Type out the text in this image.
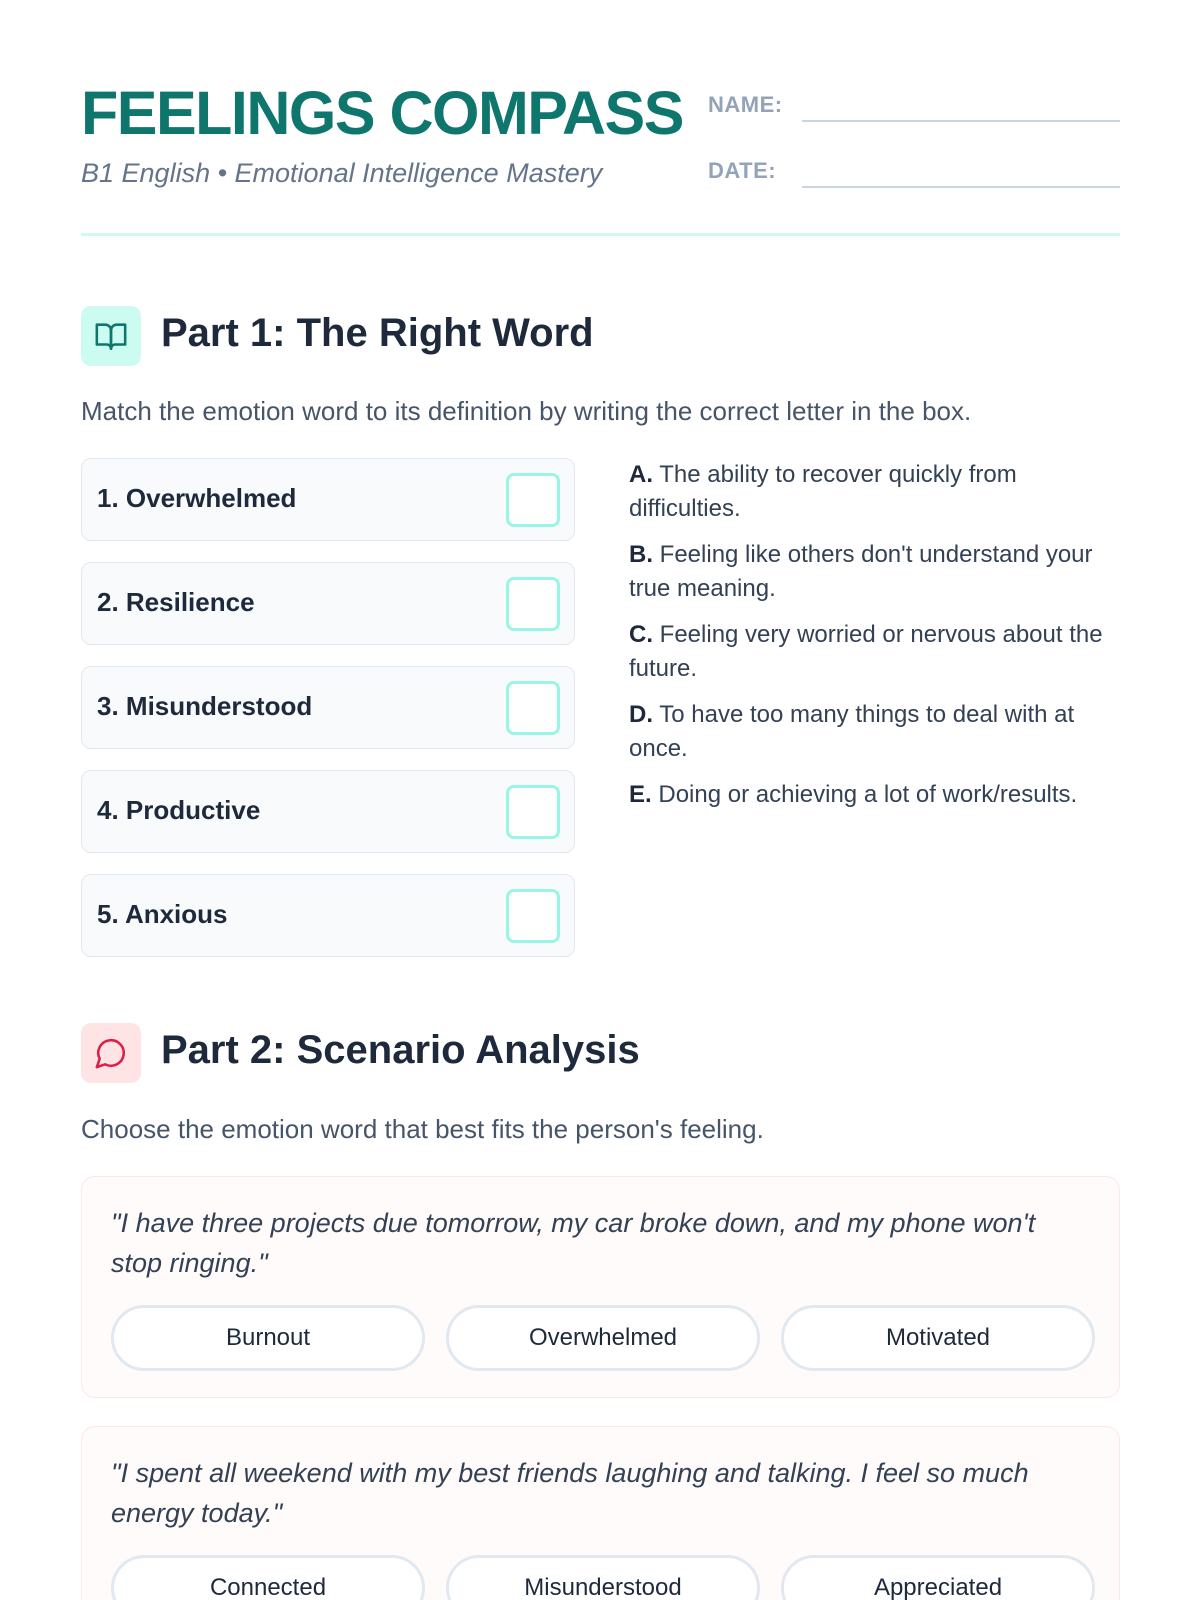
FEELINGS COMPASS
B1 English • Emotional Intelligence Mastery
NAME:
DATE:
Part 1: The Right Word
Match the emotion word to its definition by writing the correct letter in the box.
1. Overwhelmed
2. Resilience
3. Misunderstood
4. Productive
5. Anxious
A. The ability to recover quickly from difficulties.
B. Feeling like others don't understand your true meaning.
C. Feeling very worried or nervous about the future.
D. To have too many things to deal with at once.
E. Doing or achieving a lot of work/results.
Part 2: Scenario Analysis
Choose the emotion word that best fits the person's feeling.
"I have three projects due tomorrow, my car broke down, and my phone won't stop ringing."
Burnout	Overwhelmed	Motivated
"I spent all weekend with my best friends laughing and talking. I feel so much energy today."
Connected	Misunderstood	Appreciated
